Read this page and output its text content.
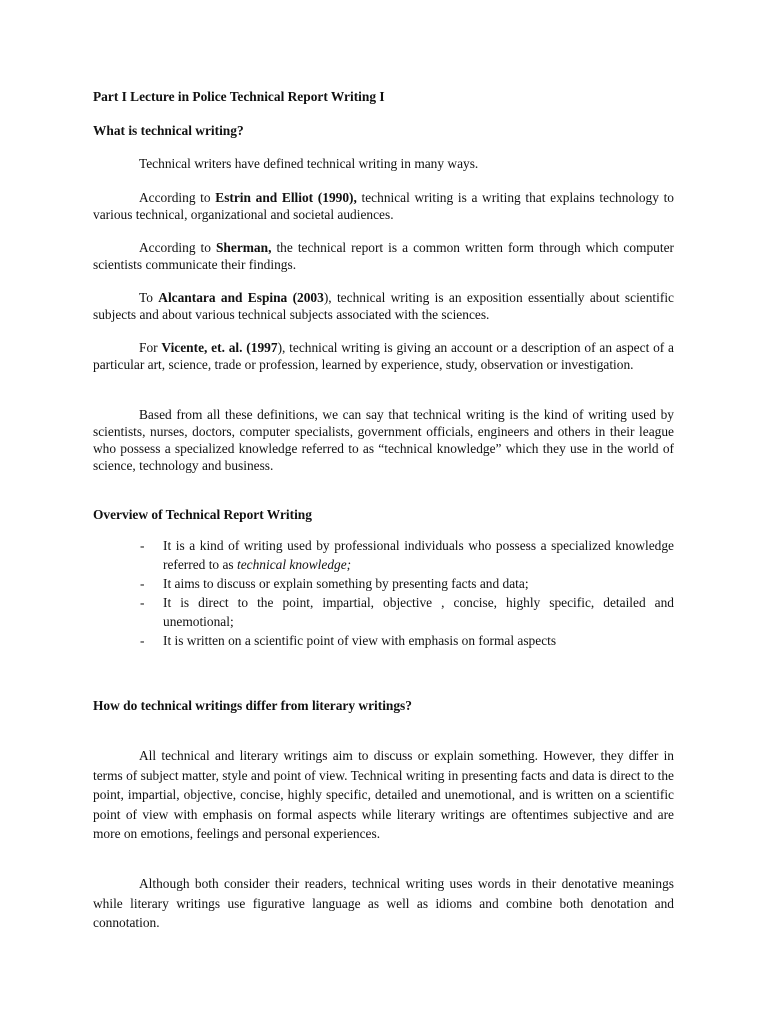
Part I Lecture in Police Technical Report Writing I

What is technical writing?

Technical writers have defined technical writing in many ways.

According to Estrin and Elliot (1990), technical writing is a writing that explains technology to various technical, organizational and societal audiences.

According to Sherman, the technical report is a common written form through which computer scientists communicate their findings.

To Alcantara and Espina (2003), technical writing is an exposition essentially about scientific subjects and about various technical subjects associated with the sciences.

For Vicente, et. al. (1997), technical writing is giving an account or a description of an aspect of a particular art, science, trade or profession, learned by experience, study, observation or investigation.

Based from all these definitions, we can say that technical writing is the kind of writing used by scientists, nurses, doctors, computer specialists, government officials, engineers and others in their league who possess a specialized knowledge referred to as “technical knowledge” which they use in the world of science, technology and business.

Overview of Technical Report Writing

- It is a kind of writing used by professional individuals who possess a specialized knowledge referred to as technical knowledge;
- It aims to discuss or explain something by presenting facts and data;
- It is direct to the point, impartial, objective , concise, highly specific, detailed and unemotional;
- It is written on a scientific point of view with emphasis on formal aspects

How do technical writings differ from literary writings?

All technical and literary writings aim to discuss or explain something. However, they differ in terms of subject matter, style and point of view. Technical writing in presenting facts and data is direct to the point, impartial, objective, concise, highly specific, detailed and unemotional, and is written on a scientific point of view with emphasis on formal aspects while literary writings are oftentimes subjective and are more on emotions, feelings and personal experiences.

Although both consider their readers, technical writing uses words in their denotative meanings while literary writings use figurative language as well as idioms and combine both denotation and connotation.
